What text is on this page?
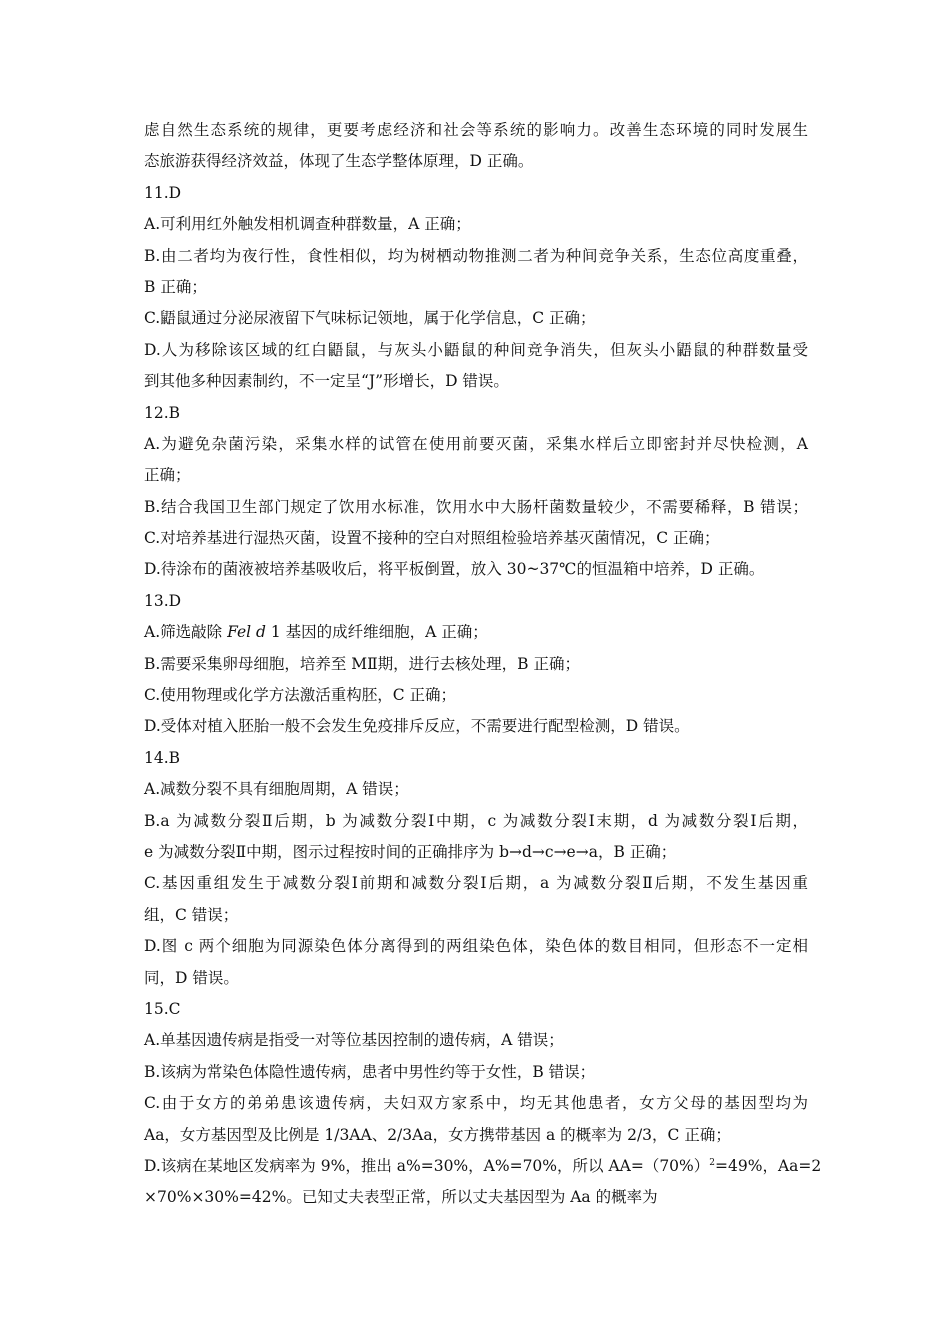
虑自然生态系统的规律，更要考虑经济和社会等系统的影响力。改善生态环境的同时发展生
态旅游获得经济效益，体现了生态学整体原理，D 正确。
11.D
A.可利用红外触发相机调查种群数量，A 正确；
B.由二者均为夜行性，食性相似，均为树栖动物推测二者为种间竞争关系，生态位高度重叠，
B 正确；
C.鼯鼠通过分泌尿液留下气味标记领地，属于化学信息，C 正确；
D.人为移除该区域的红白鼯鼠，与灰头小鼯鼠的种间竞争消失，但灰头小鼯鼠的种群数量受
到其他多种因素制约，不一定呈“J”形增长，D 错误。
12.B
A.为避免杂菌污染，采集水样的试管在使用前要灭菌，采集水样后立即密封并尽快检测，A
正确；
B.结合我国卫生部门规定了饮用水标准，饮用水中大肠杆菌数量较少，不需要稀释，B 错误；
C.对培养基进行湿热灭菌，设置不接种的空白对照组检验培养基灭菌情况，C 正确；
D.待涂布的菌液被培养基吸收后，将平板倒置，放入 30~37℃的恒温箱中培养，D 正确。
13.D
A.筛选敲除 Fel d 1 基因的成纤维细胞，A 正确；
B.需要采集卵母细胞，培养至 MⅡ期，进行去核处理，B 正确；
C.使用物理或化学方法激活重构胚，C 正确；
D.受体对植入胚胎一般不会发生免疫排斥反应，不需要进行配型检测，D 错误。
14.B
A.减数分裂不具有细胞周期，A 错误；
B.a 为减数分裂Ⅱ后期，b 为减数分裂Ⅰ中期，c 为减数分裂Ⅰ末期，d 为减数分裂Ⅰ后期，
e 为减数分裂Ⅱ中期，图示过程按时间的正确排序为 b→d→c→e→a，B 正确；
C.基因重组发生于减数分裂Ⅰ前期和减数分裂Ⅰ后期，a 为减数分裂Ⅱ后期，不发生基因重
组，C 错误；
D.图 c 两个细胞为同源染色体分离得到的两组染色体，染色体的数目相同，但形态不一定相
同，D 错误。
15.C
A.单基因遗传病是指受一对等位基因控制的遗传病，A 错误；
B.该病为常染色体隐性遗传病，患者中男性约等于女性，B 错误；
C.由于女方的弟弟患该遗传病，夫妇双方家系中，均无其他患者，女方父母的基因型均为
Aa，女方基因型及比例是 1/3AA、2/3Aa，女方携带基因 a 的概率为 2/3，C 正确；
D.该病在某地区发病率为 9%，推出 a%=30%，A%=70%，所以 $AA=(70\%)^2=49\%$，Aa=2
×70%×30%=42%。已知丈夫表型正常，所以丈夫基因型为 Aa 的概率为
